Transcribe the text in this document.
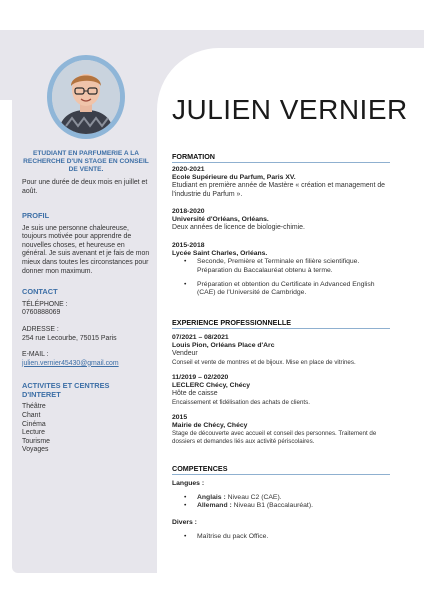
ETUDIANT EN PARFUMERIE A LA RECHERCHE D'UN STAGE EN CONSEIL DE VENTE.

Pour une durée de deux mois en juillet et août.

PROFIL

Je suis une personne chaleureuse, toujours motivée pour apprendre de nouvelles choses, et heureuse en général. Je suis avenant et je fais de mon mieux dans toutes les circonstances pour donner mon maximum.

CONTACT

TÉLÉPHONE :

0760888069

ADRESSE :

254 rue Lecourbe, 75015 Paris

E-MAIL :

julien.vernier45430@gmail.com

ACTIVITES ET CENTRES D'INTERET

Théâtre

Chant

Cinéma

Lecture

Tourisme

Voyages

JULIEN VERNIER

FORMATION

2020-2021

Ecole Supérieure du Parfum, Paris XV.

Etudiant en première année de Mastère « création et management de l'industrie du Parfum ».

2018-2020

Université d'Orléans, Orléans.

Deux années de licence de biologie-chimie.

2015-2018

Lycée Saint Charles, Orléans.

• Seconde, Première et Terminale en filière scientifique. Préparation du Baccalauréat obtenu à terme.
• Préparation et obtention du Certificate in Advanced English (CAE) de l'Université de Cambridge.

EXPERIENCE PROFESSIONNELLE

07/2021 – 08/2021

Louis Pion, Orléans Place d'Arc

Vendeur

Conseil et vente de montres et de bijoux. Mise en place de vitrines.

11/2019 – 02/2020

LECLERC Chécy, Chécy

Hôte de caisse

Encaissement et fidélisation des achats de clients.

2015

Mairie de Chécy, Chécy

Stage de découverte avec accueil et conseil des personnes. Traitement de dossiers et demandes liés aux activité périscolaires.

COMPETENCES

Langues :

• Anglais : Niveau C2 (CAE).
• Allemand : Niveau B1 (Baccalauréat).

Divers :

• Maîtrise du pack Office.
